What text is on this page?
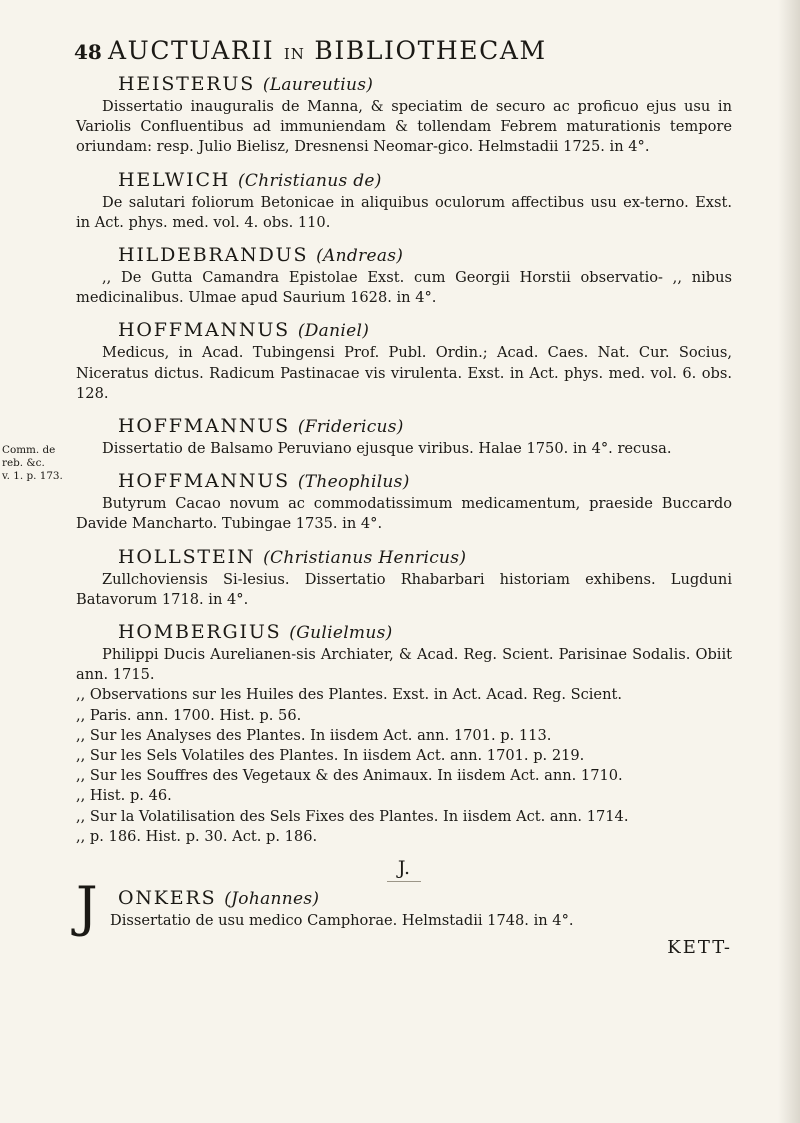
48 AUCTUARII IN BIBLIOTHECAM
Comm. de
reb. &c.
v. 1. p. 173.
HEISTERUS (Laureutius)
Dissertatio inauguralis de Manna, & speciatim de securo ac proficuo ejus usu in Variolis Confluentibus ad immuniendam & tollendam Febrem maturationis tempore oriundam: resp. Julio Bielisz, Dresnensi Neomar-gico. Helmstadii 1725. in 4°.
HELWICH (Christianus de)
De salutari foliorum Betonicae in aliquibus oculorum affectibus usu ex-terno. Exst. in Act. phys. med. vol. 4. obs. 110.
HILDEBRANDUS (Andreas)
,, De Gutta Camandra Epistolae Exst. cum Georgii Horstii observatio- ,, nibus medicinalibus. Ulmae apud Saurium 1628. in 4°.
HOFFMANNUS (Daniel)
Medicus, in Acad. Tubingensi Prof. Publ. Ordin.; Acad. Caes. Nat. Cur. Socius, Niceratus dictus. Radicum Pastinacae vis virulenta. Exst. in Act. phys. med. vol. 6. obs. 128.
HOFFMANNUS (Fridericus)
Dissertatio de Balsamo Peruviano ejusque viribus. Halae 1750. in 4°. recusa.
HOFFMANNUS (Theophilus)
Butyrum Cacao novum ac commodatissimum medicamentum, praeside Buccardo Davide Mancharto. Tubingae 1735. in 4°.
HOLLSTEIN (Christianus Henricus)
Zullchoviensis Si-lesius. Dissertatio Rhabarbari historiam exhibens. Lugduni Batavorum 1718. in 4°.
HOMBERGIUS (Gulielmus)
Philippi Ducis Aurelianen-sis Archiater, & Acad. Reg. Scient. Parisinae Sodalis. Obiit ann. 1715.
,, Observations sur les Huiles des Plantes. Exst. in Act. Acad. Reg. Scient.
,, Paris. ann. 1700. Hist. p. 56.
,, Sur les Analyses des Plantes. In iisdem Act. ann. 1701. p. 113.
,, Sur les Sels Volatiles des Plantes. In iisdem Act. ann. 1701. p. 219.
,, Sur les Souffres des Vegetaux & des Animaux. In iisdem Act. ann. 1710.
,, Hist. p. 46.
,, Sur la Volatilisation des Sels Fixes des Plantes. In iisdem Act. ann. 1714.
,, p. 186. Hist. p. 30. Act. p. 186.
J.
J ONKERS (Johannes)
Dissertatio de usu medico Camphorae. Helmstadii 1748. in 4°.
KETT-
